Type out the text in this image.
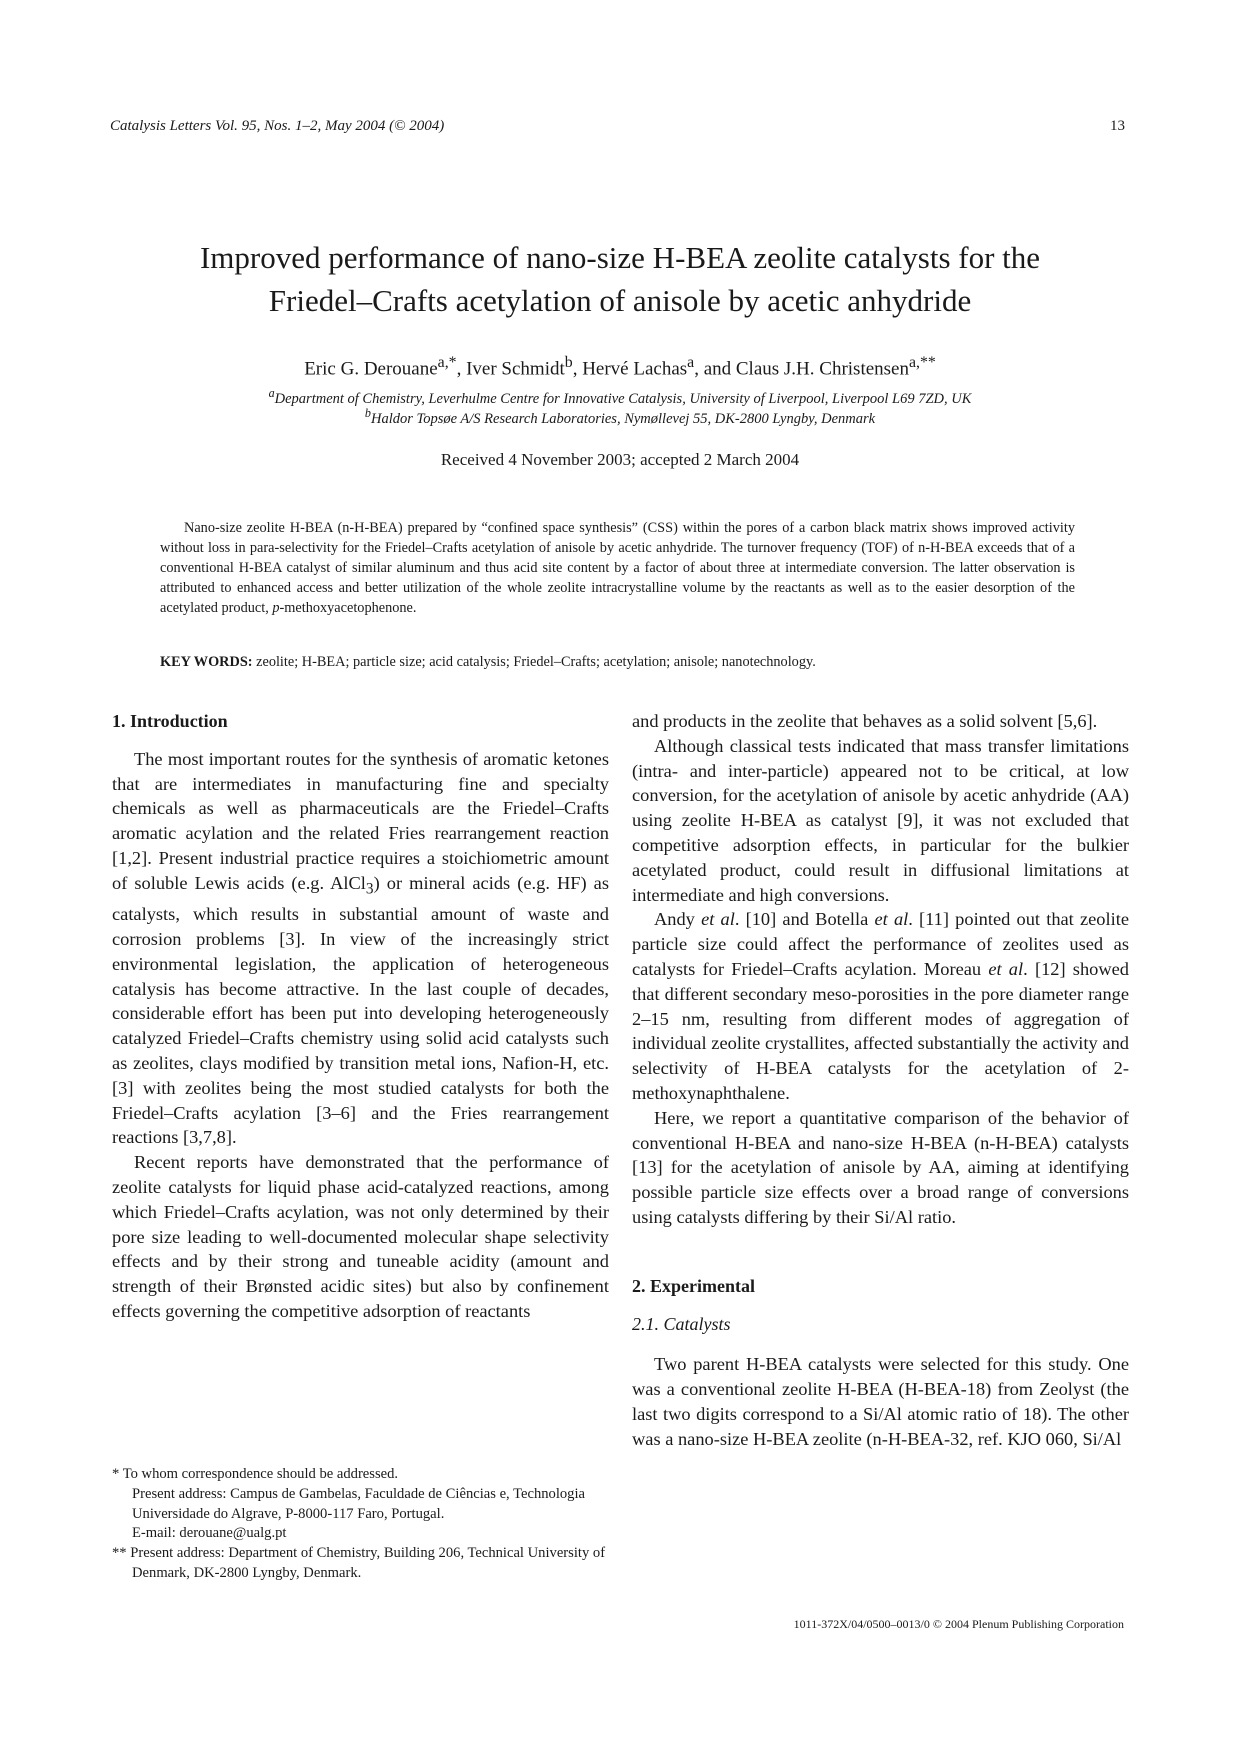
Catalysis Letters Vol. 95, Nos. 1–2, May 2004 (© 2004)	13
Improved performance of nano-size H-BEA zeolite catalysts for the
Friedel–Crafts acetylation of anisole by acetic anhydride
Eric G. Derouane$^{a,*}$, Iver Schmidt$^b$, Hervé Lachas$^a$, and Claus J.H. Christensen$^{a,**}$
$^a$Department of Chemistry, Leverhulme Centre for Innovative Catalysis, University of Liverpool, Liverpool L69 7ZD, UK
$^b$Haldor Topsøe A/S Research Laboratories, Nymøllevej 55, DK-2800 Lyngby, Denmark
Received 4 November 2003; accepted 2 March 2004
Nano-size zeolite H-BEA (n-H-BEA) prepared by “confined space synthesis” (CSS) within the pores of a carbon black matrix shows improved activity without loss in para-selectivity for the Friedel–Crafts acetylation of anisole by acetic anhydride. The turnover frequency (TOF) of n-H-BEA exceeds that of a conventional H-BEA catalyst of similar aluminum and thus acid site content by a factor of about three at intermediate conversion. The latter observation is attributed to enhanced access and better utilization of the whole zeolite intracrystalline volume by the reactants as well as to the easier desorption of the acetylated product, p-methoxyacetophenone.
KEY WORDS: zeolite; H-BEA; particle size; acid catalysis; Friedel–Crafts; acetylation; anisole; nanotechnology.
1. Introduction

The most important routes for the synthesis of aromatic ketones that are intermediates in manufacturing fine and specialty chemicals as well as pharmaceuticals are the Friedel–Crafts aromatic acylation and the related Fries rearrangement reaction [1,2]. Present industrial practice requires a stoichiometric amount of soluble Lewis acids (e.g. AlCl$_3$) or mineral acids (e.g. HF) as catalysts, which results in substantial amount of waste and corrosion problems [3]. In view of the increasingly strict environmental legislation, the application of heterogeneous catalysis has become attractive. In the last couple of decades, considerable effort has been put into developing heterogeneously catalyzed Friedel–Crafts chemistry using solid acid catalysts such as zeolites, clays modified by transition metal ions, Nafion-H, etc. [3] with zeolites being the most studied catalysts for both the Friedel–Crafts acylation [3–6] and the Fries rearrangement reactions [3,7,8].

Recent reports have demonstrated that the performance of zeolite catalysts for liquid phase acid-catalyzed reactions, among which Friedel–Crafts acylation, was not only determined by their pore size leading to well-documented molecular shape selectivity effects and by their strong and tuneable acidity (amount and strength of their Brønsted acidic sites) but also by confinement effects governing the competitive adsorption of reactants

and products in the zeolite that behaves as a solid solvent [5,6].

Although classical tests indicated that mass transfer limitations (intra- and inter-particle) appeared not to be critical, at low conversion, for the acetylation of anisole by acetic anhydride (AA) using zeolite H-BEA as catalyst [9], it was not excluded that competitive adsorption effects, in particular for the bulkier acetylated product, could result in diffusional limitations at intermediate and high conversions.

Andy et al. [10] and Botella et al. [11] pointed out that zeolite particle size could affect the performance of zeolites used as catalysts for Friedel–Crafts acylation. Moreau et al. [12] showed that different secondary meso-porosities in the pore diameter range 2–15 nm, resulting from different modes of aggregation of individual zeolite crystallites, affected substantially the activity and selectivity of H-BEA catalysts for the acetylation of 2-methoxynaphthalene.

Here, we report a quantitative comparison of the behavior of conventional H-BEA and nano-size H-BEA (n-H-BEA) catalysts [13] for the acetylation of anisole by AA, aiming at identifying possible particle size effects over a broad range of conversions using catalysts differing by their Si/Al ratio.

2. Experimental
2.1. Catalysts

Two parent H-BEA catalysts were selected for this study. One was a conventional zeolite H-BEA (H-BEA-18) from Zeolyst (the last two digits correspond to a Si/Al atomic ratio of 18). The other was a nano-size H-BEA zeolite (n-H-BEA-32, ref. KJO 060, Si/Al

* To whom correspondence should be addressed.
Present address: Campus de Gambelas, Faculdade de Ciências e, Technologia Universidade do Algrave, P-8000-117 Faro, Portugal.
E-mail: derouane@ualg.pt
** Present address: Department of Chemistry, Building 206, Technical University of Denmark, DK-2800 Lyngby, Denmark.
1011-372X/04/0500–0013/0 © 2004 Plenum Publishing Corporation
